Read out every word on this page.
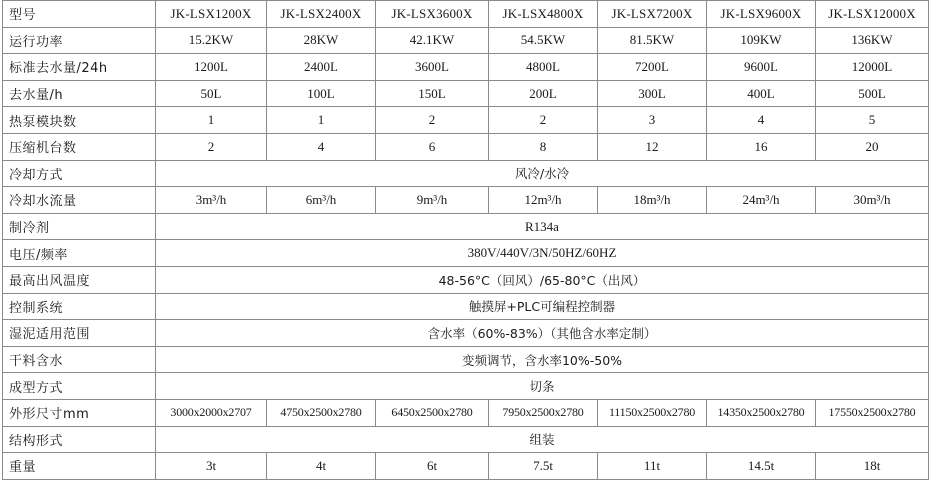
型号	JK-LSX1200X	JK-LSX2400X	JK-LSX3600X	JK-LSX4800X	JK-LSX7200X	JK-LSX9600X	JK-LSX12000X
运行功率	15.2KW	28KW	42.1KW	54.5KW	81.5KW	109KW	136KW
标准去水量/24h	1200L	2400L	3600L	4800L	7200L	9600L	12000L
去水量/h	50L	100L	150L	200L	300L	400L	500L
热泵模块数	1	1	2	2	3	4	5
压缩机台数	2	4	6	8	12	16	20
冷却方式	风冷/水冷						
冷却水流量	3m³/h	6m³/h	9m³/h	12m³/h	18m³/h	24m³/h	30m³/h
制冷剂	R134a						
电压/频率	380V/440V/3N/50HZ/60HZ						
最高出风温度	48-56°C（回风）/65-80°C（出风）						
控制系统	触摸屏+PLC可编程控制器						
湿泥适用范围	含水率（60%-83%）（其他含水率定制）						
干料含水	变频调节，含水率10%-50%						
成型方式	切条						
外形尺寸mm	3000x2000x2707	4750x2500x2780	6450x2500x2780	7950x2500x2780	11150x2500x2780	14350x2500x2780	17550x2500x2780
结构形式	组装						
重量	3t	4t	6t	7.5t	11t	14.5t	18t
